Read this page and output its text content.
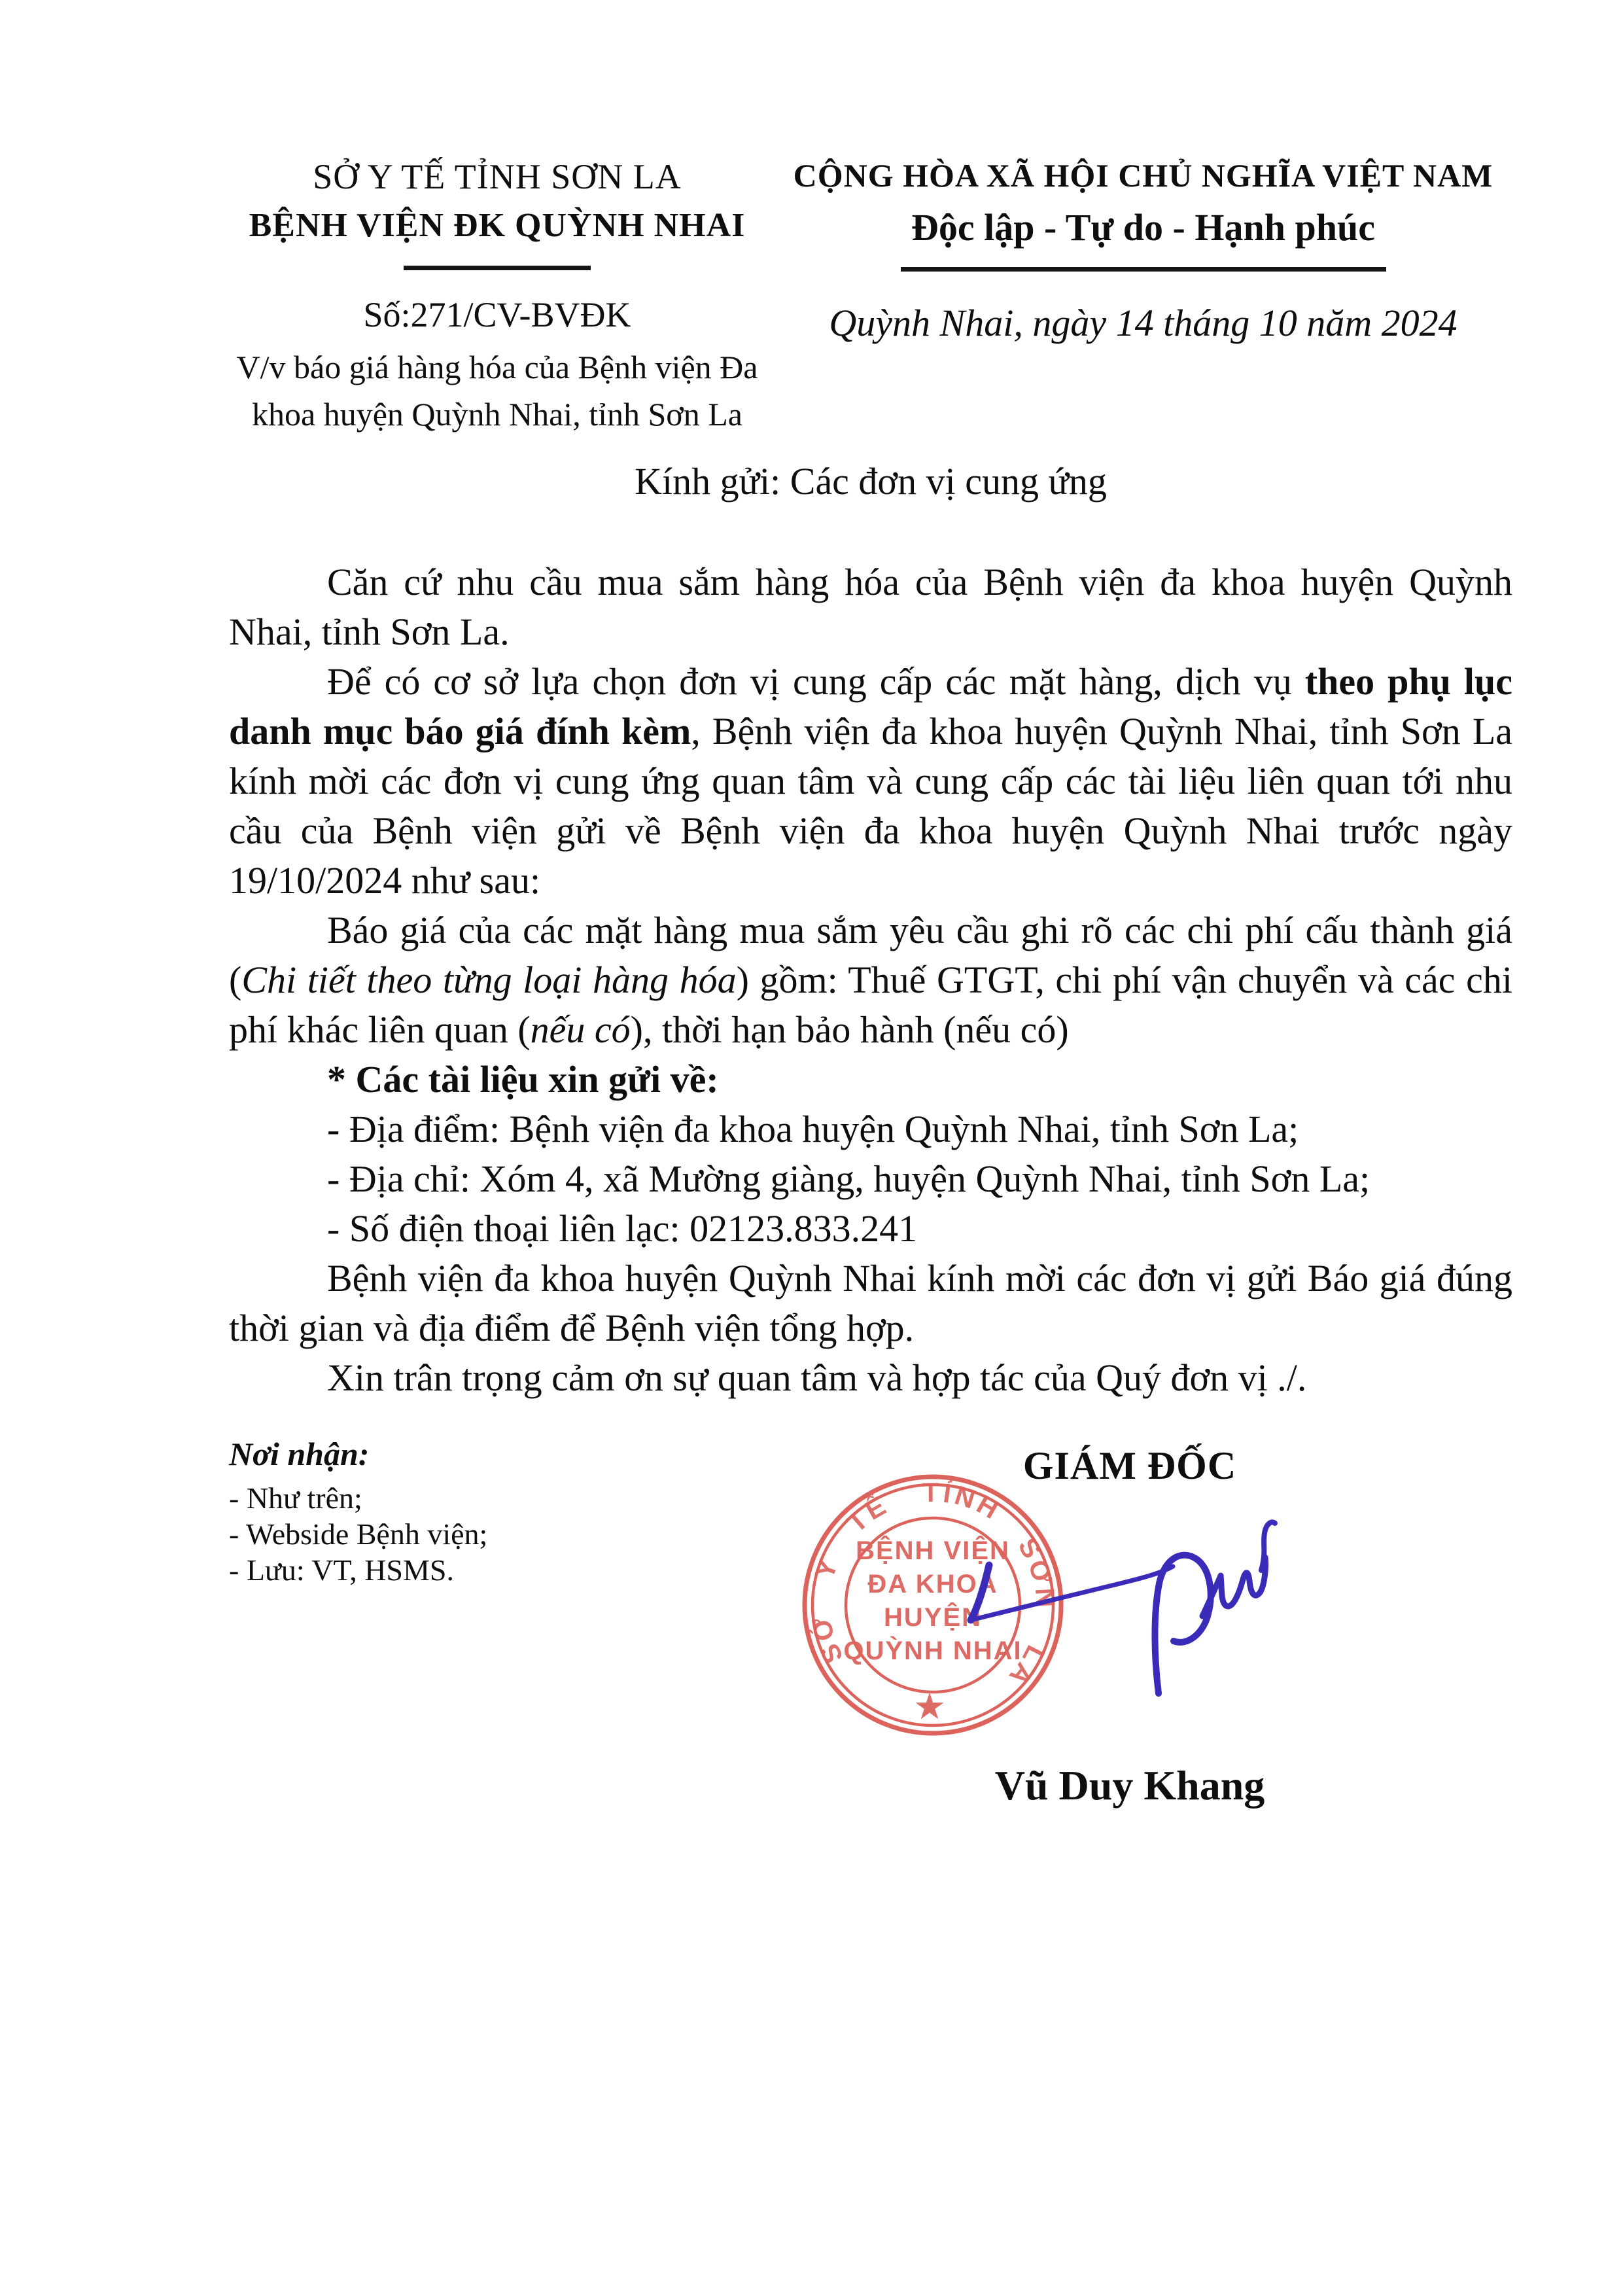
SỞ Y TẾ TỈNH SƠN LA
BỆNH VIỆN ĐK QUỲNH NHAI
Số:271/CV-BVĐK
V/v báo giá hàng hóa của Bệnh viện Đa
khoa huyện Quỳnh Nhai, tỉnh Sơn La
CỘNG HÒA XÃ HỘI CHỦ NGHĨA VIỆT NAM
Độc lập - Tự do - Hạnh phúc
Quỳnh Nhai, ngày 14 tháng 10 năm 2024
Kính gửi: Các đơn vị cung ứng

Căn cứ nhu cầu mua sắm hàng hóa của Bệnh viện đa khoa huyện Quỳnh Nhai, tỉnh Sơn La.

Để có cơ sở lựa chọn đơn vị cung cấp các mặt hàng, dịch vụ theo phụ lục danh mục báo giá đính kèm, Bệnh viện đa khoa huyện Quỳnh Nhai, tỉnh Sơn La kính mời các đơn vị cung ứng quan tâm và cung cấp các tài liệu liên quan tới nhu cầu của Bệnh viện gửi về Bệnh viện đa khoa huyện Quỳnh Nhai trước ngày 19/10/2024 như sau:

Báo giá của các mặt hàng mua sắm yêu cầu ghi rõ các chi phí cấu thành giá (Chi tiết theo từng loại hàng hóa) gồm: Thuế GTGT, chi phí vận chuyển và các chi phí khác liên quan (nếu có), thời hạn bảo hành (nếu có)

* Các tài liệu xin gửi về:

- Địa điểm: Bệnh viện đa khoa huyện Quỳnh Nhai, tỉnh Sơn La;

- Địa chỉ: Xóm 4, xã Mường giàng, huyện Quỳnh Nhai, tỉnh Sơn La;

- Số điện thoại liên lạc: 02123.833.241

Bệnh viện đa khoa huyện Quỳnh Nhai kính mời các đơn vị gửi Báo giá đúng thời gian và địa điểm để Bệnh viện tổng hợp.

Xin trân trọng cảm ơn sự quan tâm và hợp tác của Quý đơn vị ./.

Nơi nhận:
- Như trên;
- Webside Bệnh viện;
- Lưu: VT, HSMS.
GIÁM ĐỐC
Vũ Duy Khang
SỞ Y TẾ TỈNH SƠN LA
BỆNH VIỆN
ĐA KHOA
HUYỆN
QUỲNH NHAI
★
